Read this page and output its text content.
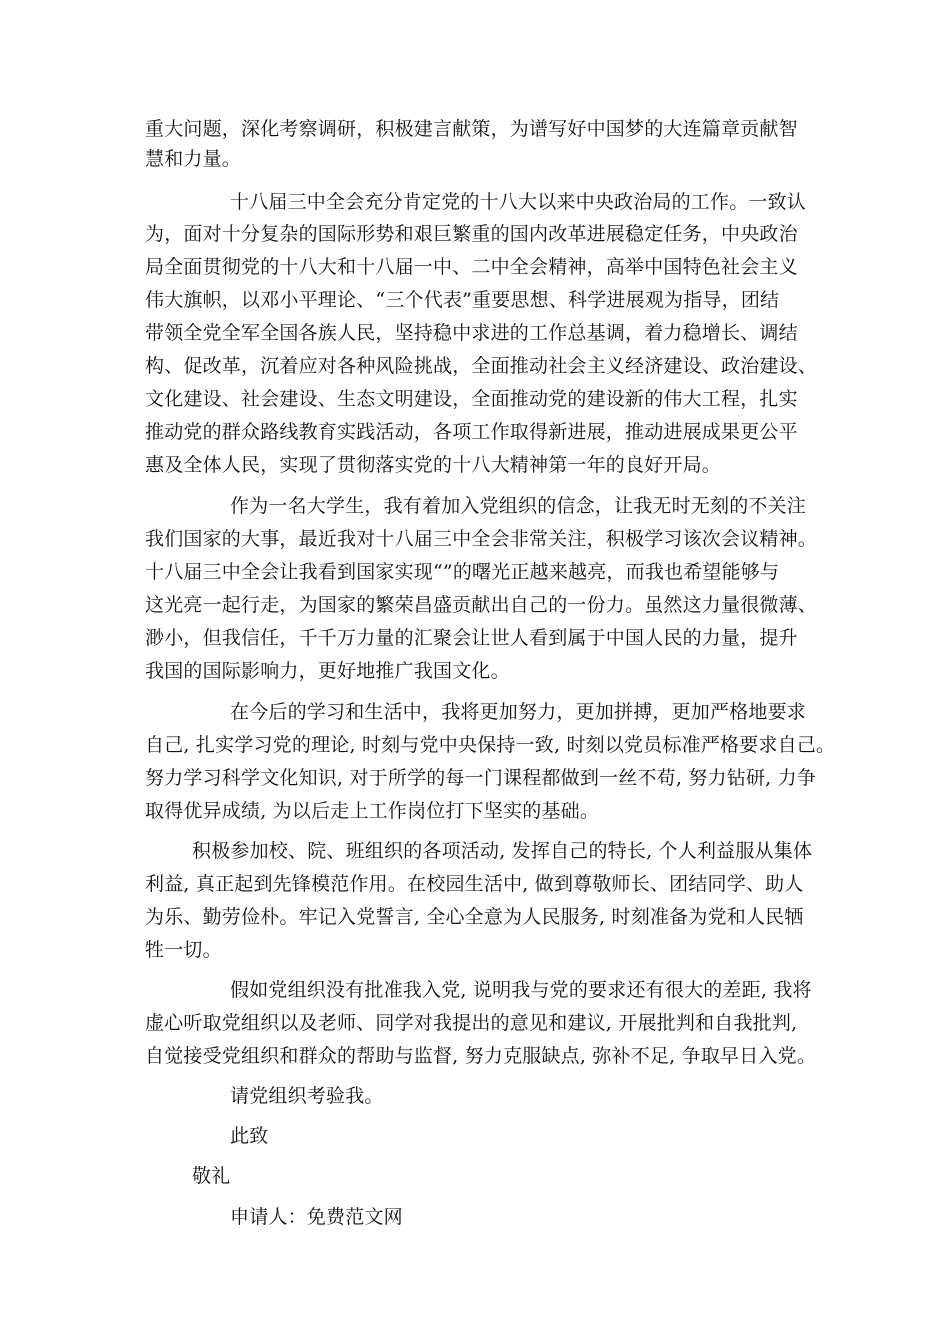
重大问题，深化考察调研，积极建言献策，为谱写好中国梦的大连篇章贡献智
慧和力量。
十八届三中全会充分肯定党的十八大以来中央政治局的工作。一致认
为，面对十分复杂的国际形势和艰巨繁重的国内改革进展稳定任务，中央政治
局全面贯彻党的十八大和十八届一中、二中全会精神，高举中国特色社会主义
伟大旗帜，以邓小平理论、“三个代表”重要思想、科学进展观为指导，团结
带领全党全军全国各族人民，坚持稳中求进的工作总基调，着力稳增长、调结
构、促改革，沉着应对各种风险挑战，全面推动社会主义经济建设、政治建设、
文化建设、社会建设、生态文明建设，全面推动党的建设新的伟大工程，扎实
推动党的群众路线教育实践活动，各项工作取得新进展，推动进展成果更公平
惠及全体人民，实现了贯彻落实党的十八大精神第一年的良好开局。
作为一名大学生，我有着加入党组织的信念，让我无时无刻的不关注
我们国家的大事，最近我对十八届三中全会非常关注，积极学习该次会议精神。
十八届三中全会让我看到国家实现“”的曙光正越来越亮，而我也希望能够与
这光亮一起行走，为国家的繁荣昌盛贡献出自己的一份力。虽然这力量很微薄、
渺小，但我信任，千千万力量的汇聚会让世人看到属于中国人民的力量，提升
我国的国际影响力，更好地推广我国文化。
在今后的学习和生活中，我将更加努力，更加拼搏，更加严格地要求
自己, 扎实学习党的理论, 时刻与党中央保持一致, 时刻以党员标准严格要求自己。
努力学习科学文化知识, 对于所学的每一门课程都做到一丝不苟, 努力钻研, 力争
取得优异成绩, 为以后走上工作岗位打下坚实的基础。
积极参加校、院、班组织的各项活动, 发挥自己的特长, 个人利益服从集体
利益, 真正起到先锋模范作用。在校园生活中, 做到尊敬师长、团结同学、助人
为乐、勤劳俭朴。牢记入党誓言, 全心全意为人民服务, 时刻准备为党和人民牺
牲一切。
假如党组织没有批准我入党, 说明我与党的要求还有很大的差距, 我将
虚心听取党组织以及老师、同学对我提出的意见和建议, 开展批判和自我批判,
自觉接受党组织和群众的帮助与监督, 努力克服缺点, 弥补不足, 争取早日入党。
请党组织考验我。
此致
敬礼
申请人：免费范文网
